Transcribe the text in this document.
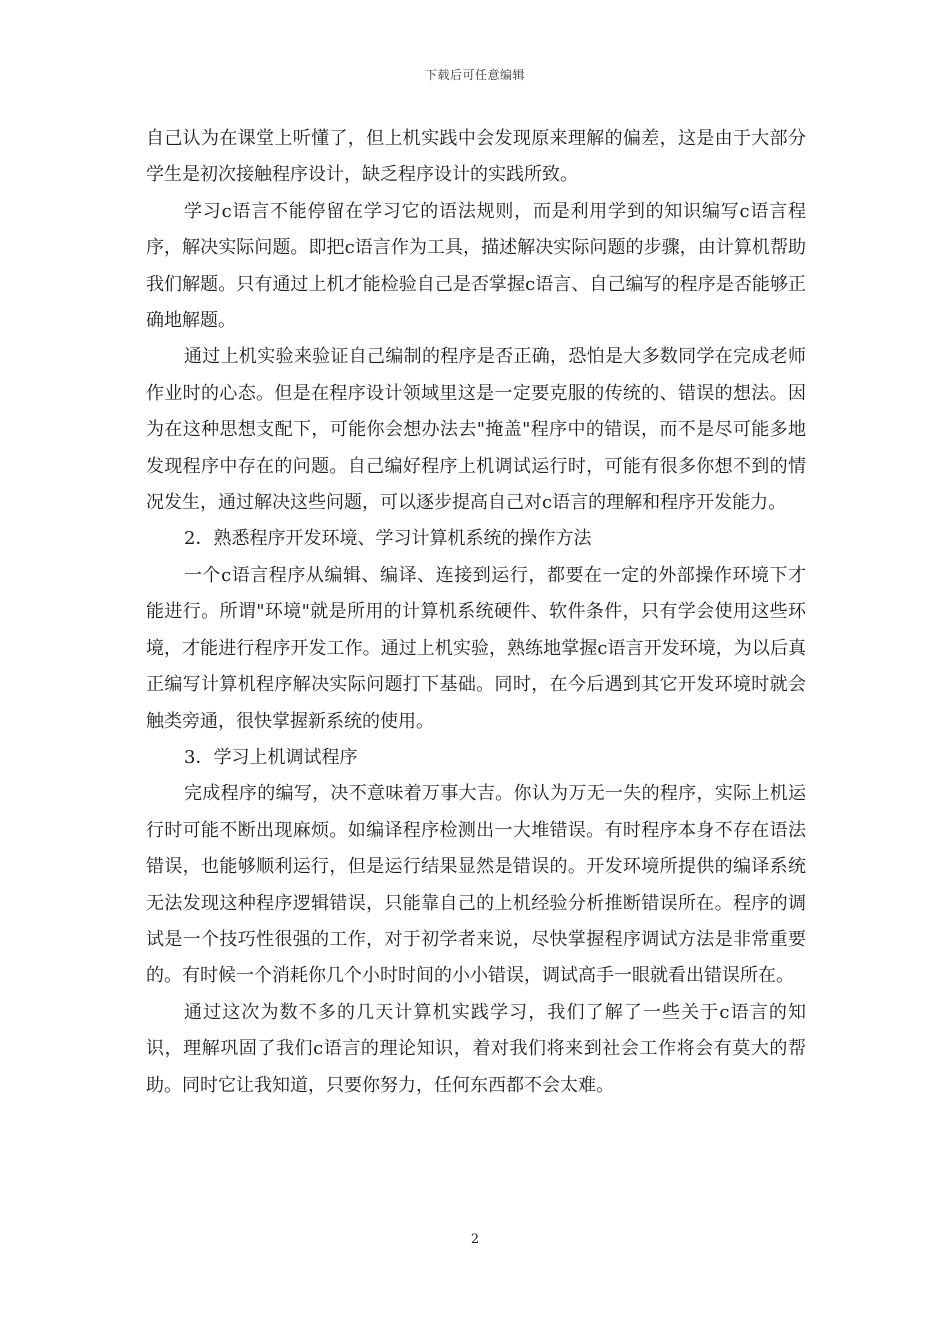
下载后可任意编辑

自己认为在课堂上听懂了，但上机实践中会发现原来理解的偏差，这是由于大部分学生是初次接触程序设计，缺乏程序设计的实践所致。

学习c语言不能停留在学习它的语法规则，而是利用学到的知识编写c语言程序，解决实际问题。即把c语言作为工具，描述解决实际问题的步骤，由计算机帮助我们解题。只有通过上机才能检验自己是否掌握c语言、自己编写的程序是否能够正确地解题。

通过上机实验来验证自己编制的程序是否正确，恐怕是大多数同学在完成老师作业时的心态。但是在程序设计领域里这是一定要克服的传统的、错误的想法。因为在这种思想支配下，可能你会想办法去"掩盖"程序中的错误，而不是尽可能多地发现程序中存在的问题。自己编好程序上机调试运行时，可能有很多你想不到的情况发生，通过解决这些问题，可以逐步提高自己对c语言的理解和程序开发能力。

2．熟悉程序开发环境、学习计算机系统的操作方法

一个c语言程序从编辑、编译、连接到运行，都要在一定的外部操作环境下才能进行。所谓"环境"就是所用的计算机系统硬件、软件条件，只有学会使用这些环境，才能进行程序开发工作。通过上机实验，熟练地掌握c语言开发环境，为以后真正编写计算机程序解决实际问题打下基础。同时，在今后遇到其它开发环境时就会触类旁通，很快掌握新系统的使用。

3．学习上机调试程序

完成程序的编写，决不意味着万事大吉。你认为万无一失的程序，实际上机运行时可能不断出现麻烦。如编译程序检测出一大堆错误。有时程序本身不存在语法错误，也能够顺利运行，但是运行结果显然是错误的。开发环境所提供的编译系统无法发现这种程序逻辑错误，只能靠自己的上机经验分析推断错误所在。程序的调试是一个技巧性很强的工作，对于初学者来说，尽快掌握程序调试方法是非常重要的。有时候一个消耗你几个小时时间的小小错误，调试高手一眼就看出错误所在。

通过这次为数不多的几天计算机实践学习，我们了解了一些关于c语言的知识，理解巩固了我们c语言的理论知识，着对我们将来到社会工作将会有莫大的帮助。同时它让我知道，只要你努力，任何东西都不会太难。

2
